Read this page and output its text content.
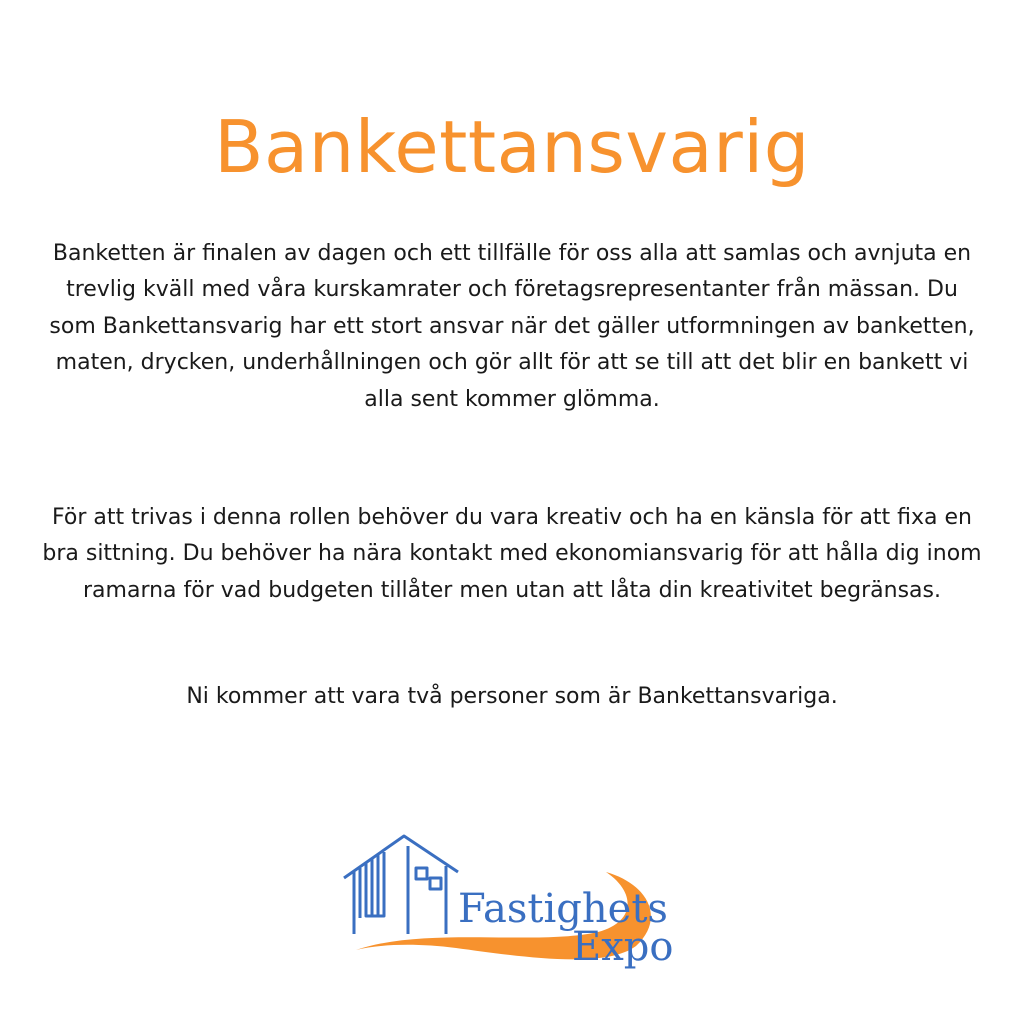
Bankettansvarig

Banketten är finalen av dagen och ett tillfälle för oss alla att samlas och avnjuta en trevlig kväll med våra kurskamrater och företagsrepresentanter från mässan. Du som Bankettansvarig har ett stort ansvar när det gäller utformningen av banketten, maten, drycken, underhållningen och gör allt för att se till att det blir en bankett vi alla sent kommer glömma.

För att trivas i denna rollen behöver du vara kreativ och ha en känsla för att fixa en bra sittning. Du behöver ha nära kontakt med ekonomiansvarig för att hålla dig inom ramarna för vad budgeten tillåter men utan att låta din kreativitet begränsas.

Ni kommer att vara två personer som är Bankettansvariga.

Fastighets
Expo
